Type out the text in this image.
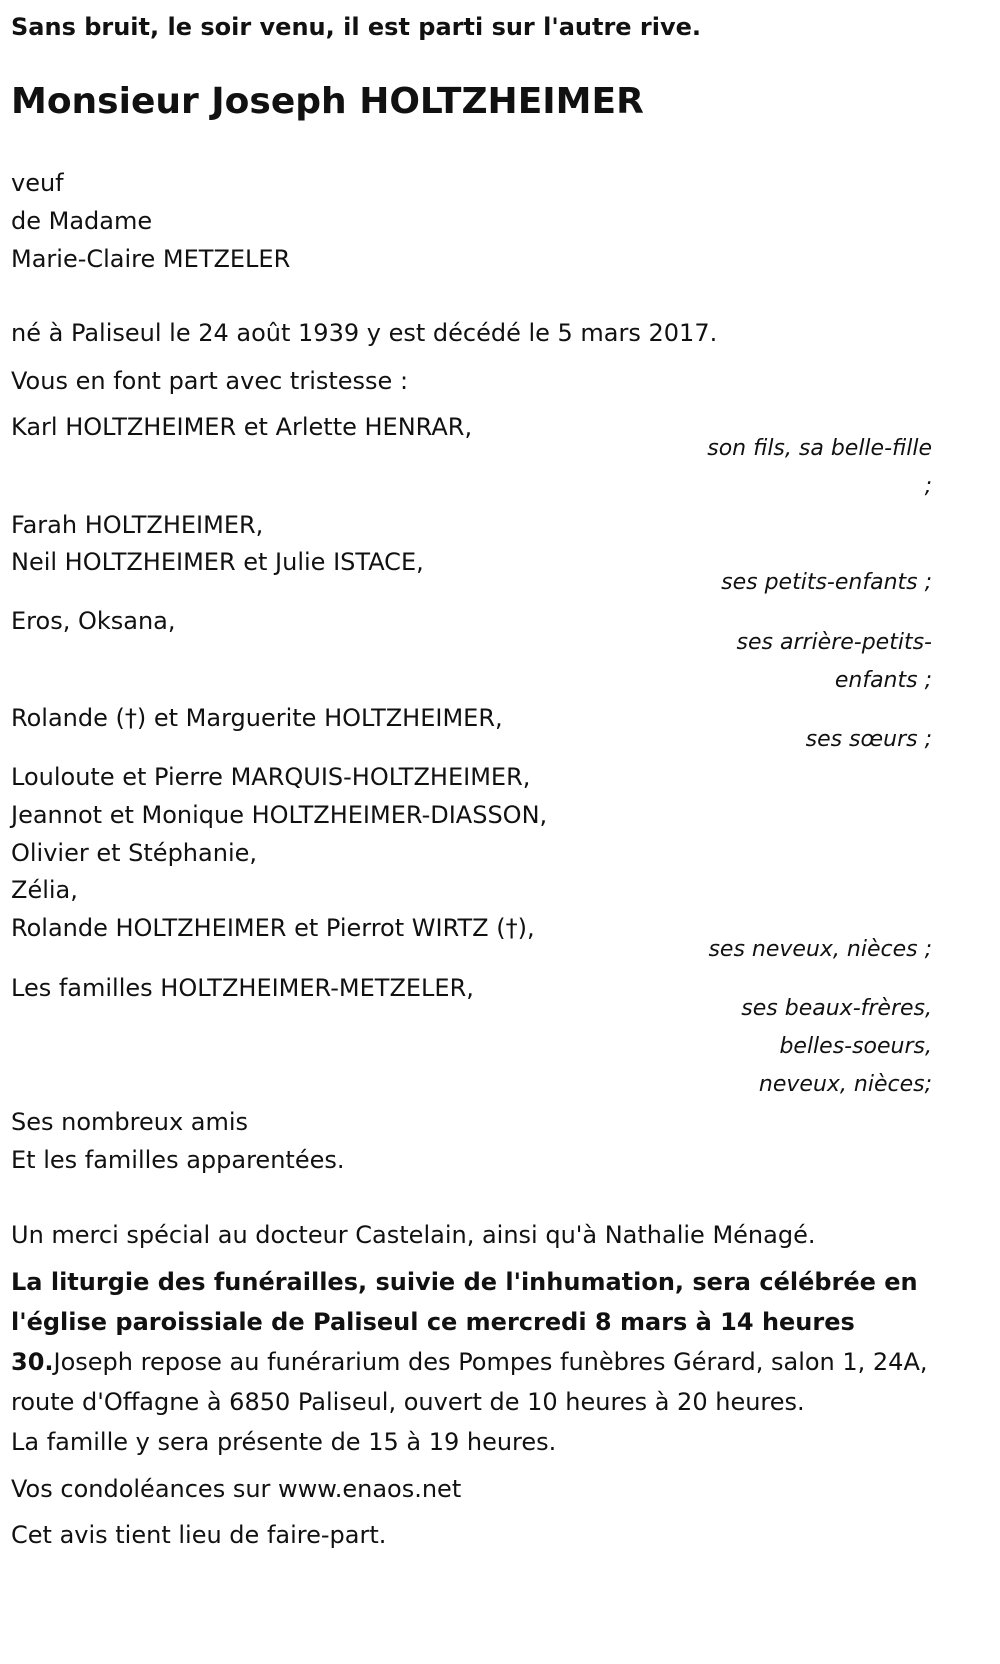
Sans bruit, le soir venu, il est parti sur l'autre rive.
Monsieur Joseph HOLTZHEIMER
veuf
de Madame
Marie-Claire METZELER
né à Paliseul le 24 août 1939 y est décédé le 5 mars 2017.
Vous en font part avec tristesse :
Karl HOLTZHEIMER et Arlette HENRAR,
son fils, sa belle-fille
;
Farah HOLTZHEIMER,
Neil HOLTZHEIMER et Julie ISTACE,
ses petits-enfants ;
Eros, Oksana,
ses arrière-petits-
enfants ;
Rolande (†) et Marguerite HOLTZHEIMER,
ses sœurs ;
Louloute et Pierre MARQUIS-HOLTZHEIMER,
Jeannot et Monique HOLTZHEIMER-DIASSON,
Olivier et Stéphanie,
Zélia,
Rolande HOLTZHEIMER et Pierrot WIRTZ (†),
ses neveux, nièces ;
Les familles HOLTZHEIMER-METZELER,
ses beaux-frères,
belles-soeurs,
neveux, nièces;
Ses nombreux amis
Et les familles apparentées.
Un merci spécial au docteur Castelain, ainsi qu'à Nathalie Ménagé.
La liturgie des funérailles, suivie de l'inhumation, sera célébrée en l'église paroissiale de Paliseul ce mercredi 8 mars à 14 heures 30.Joseph repose au funérarium des Pompes funèbres Gérard, salon 1, 24A, route d'Offagne à 6850 Paliseul, ouvert de 10 heures à 20 heures.
La famille y sera présente de 15 à 19 heures.
Vos condoléances sur www.enaos.net
Cet avis tient lieu de faire-part.
